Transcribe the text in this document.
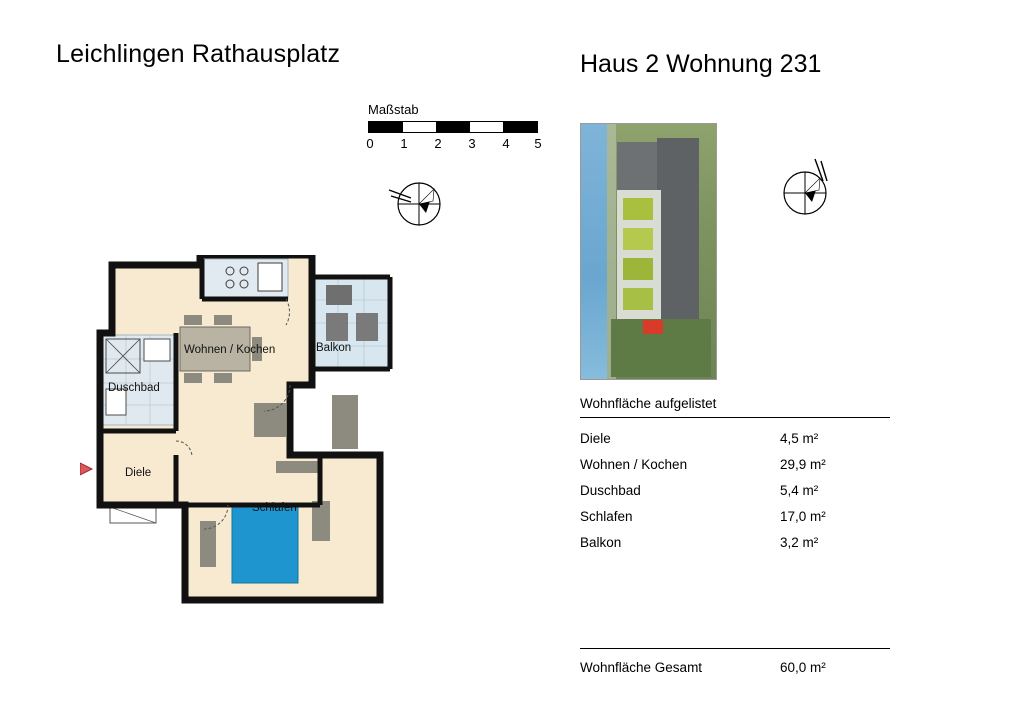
Leichlingen Rathausplatz	Haus 2 Wohnung 231
Maßstab
0 1 2 3 4 5
Wohnfläche aufgelistet
Diele	4,5 m²
Wohnen / Kochen	29,9 m²
Duschbad	5,4 m²
Schlafen	17,0 m²
Balkon	3,2 m²
Wohnfläche Gesamt	60,0 m²
Wohnen / Kochen	Balkon
Duschbad
Diele
Schlafen
